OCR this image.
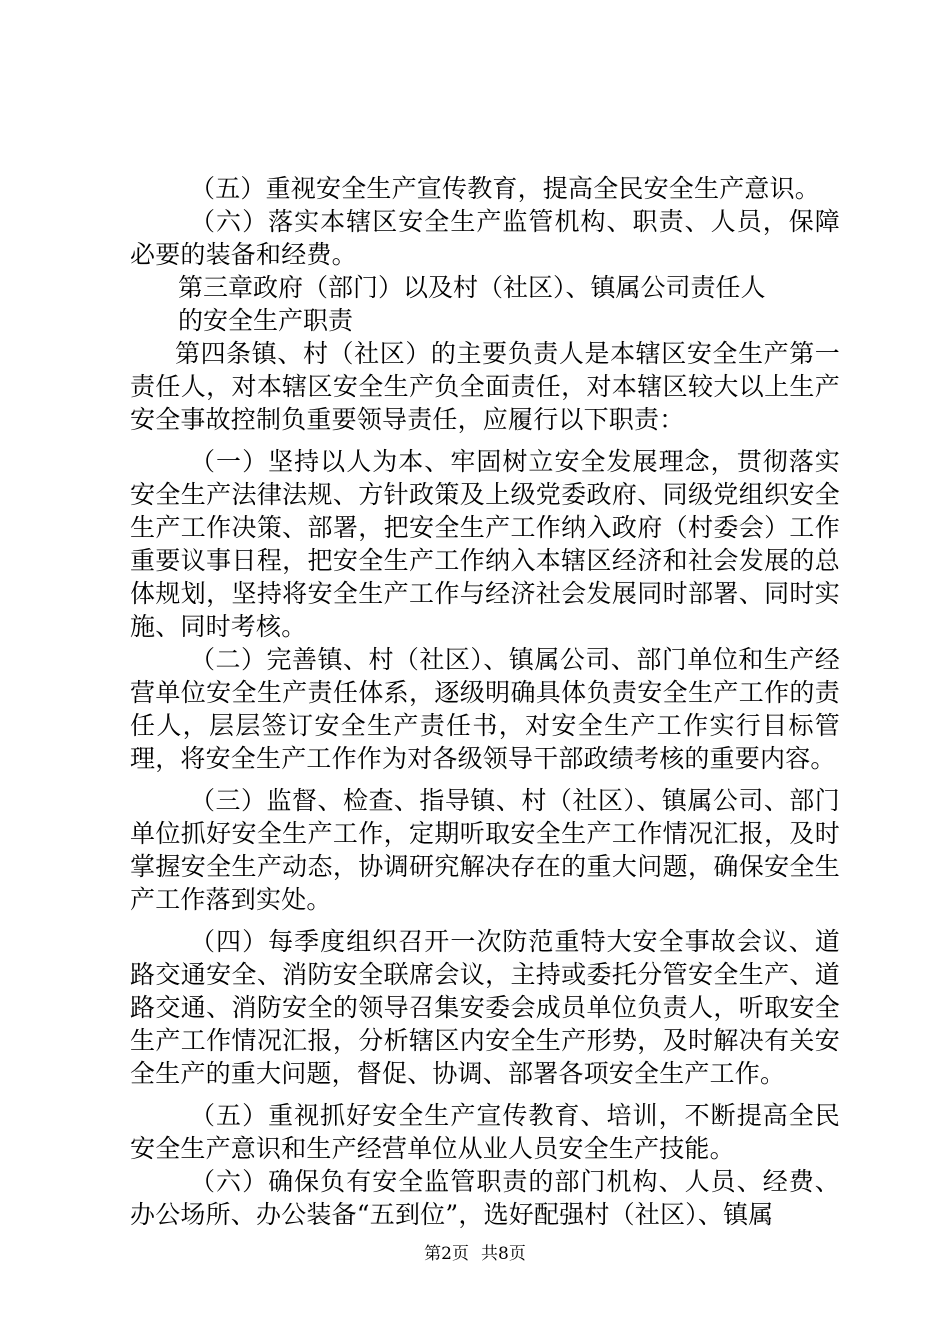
（五）重视安全生产宣传教育，提高全民安全生产意识。

（六）落实本辖区安全生产监管机构、职责、人员，保障必要的装备和经费。

第三章政府（部门）以及村（社区）、镇属公司责任人

的安全生产职责

第四条镇、村（社区）的主要负责人是本辖区安全生产第一责任人，对本辖区安全生产负全面责任，对本辖区较大以上生产安全事故控制负重要领导责任，应履行以下职责：

（一）坚持以人为本、牢固树立安全发展理念，贯彻落实安全生产法律法规、方针政策及上级党委政府、同级党组织安全生产工作决策、部署，把安全生产工作纳入政府（村委会）工作重要议事日程，把安全生产工作纳入本辖区经济和社会发展的总体规划，坚持将安全生产工作与经济社会发展同时部署、同时实施、同时考核。

（二）完善镇、村（社区）、镇属公司、部门单位和生产经营单位安全生产责任体系，逐级明确具体负责安全生产工作的责任人，层层签订安全生产责任书，对安全生产工作实行目标管理，将安全生产工作作为对各级领导干部政绩考核的重要内容。

（三）监督、检查、指导镇、村（社区）、镇属公司、部门单位抓好安全生产工作，定期听取安全生产工作情况汇报，及时掌握安全生产动态，协调研究解决存在的重大问题，确保安全生产工作落到实处。

（四）每季度组织召开一次防范重特大安全事故会议、道路交通安全、消防安全联席会议，主持或委托分管安全生产、道路交通、消防安全的领导召集安委会成员单位负责人，听取安全生产工作情况汇报，分析辖区内安全生产形势，及时解决有关安全生产的重大问题，督促、协调、部署各项安全生产工作。

（五）重视抓好安全生产宣传教育、培训，不断提高全民安全生产意识和生产经营单位从业人员安全生产技能。

（六）确保负有安全监管职责的部门机构、人员、经费、办公场所、办公装备“五到位”，选好配强村（社区）、镇属

第2页 共8页
